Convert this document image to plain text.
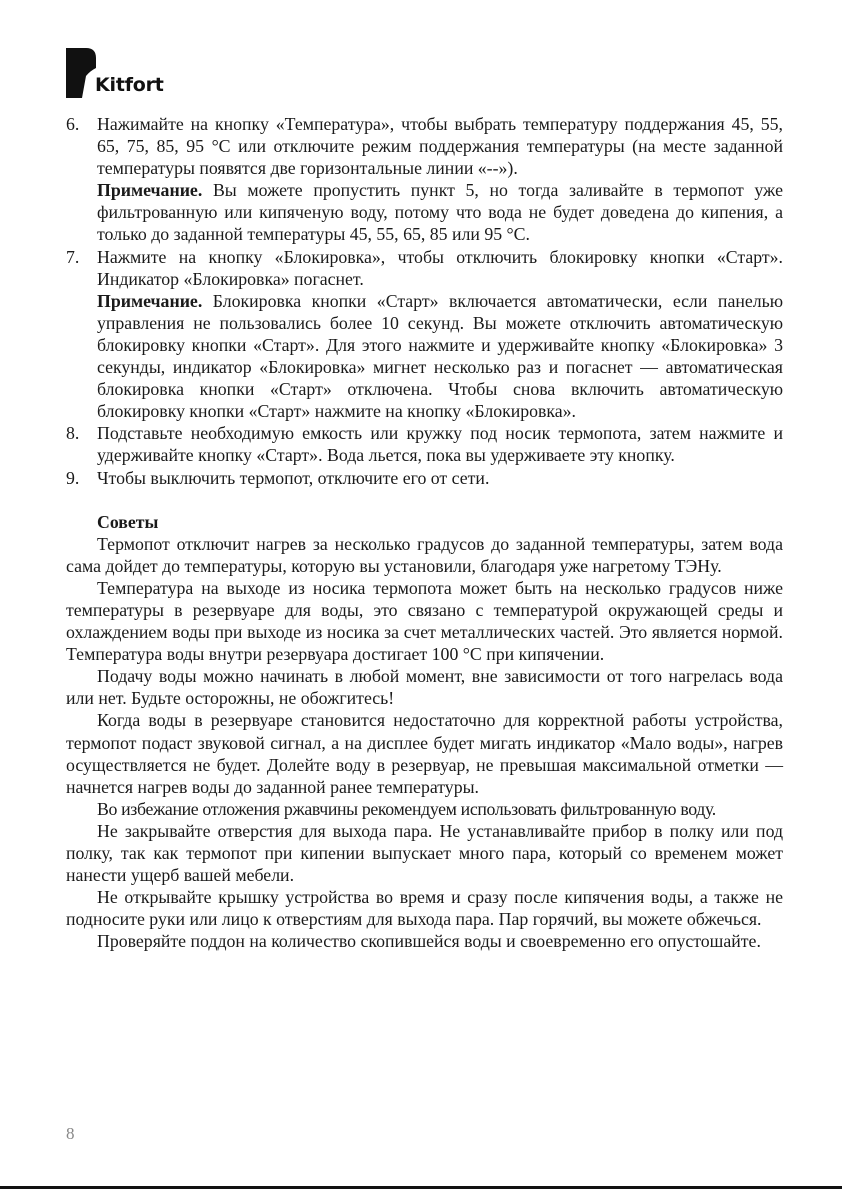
Kitfort
6. Нажимайте на кнопку «Температура», чтобы выбрать температуру поддержания 45, 55, 65, 75, 85, 95 °C или отключите режим поддержания температуры (на месте заданной температуры появятся две горизонтальные линии «--»).

Примечание. Вы можете пропустить пункт 5, но тогда заливайте в термопот уже фильтрованную или кипяченую воду, потому что вода не будет доведена до кипения, а только до заданной температуры 45, 55, 65, 85 или 95 °C.

7. Нажмите на кнопку «Блокировка», чтобы отключить блокировку кнопки «Старт». Индикатор «Блокировка» погаснет.

Примечание. Блокировка кнопки «Старт» включается автоматически, если панелью управления не пользовались более 10 секунд. Вы можете отключить автоматическую блокировку кнопки «Старт». Для этого нажмите и удерживайте кнопку «Блокировка» 3 секунды, индикатор «Блокировка» мигнет несколько раз и погаснет — автоматическая блокировка кнопки «Старт» отключена. Чтобы снова включить автоматическую блокировку кнопки «Старт» нажмите на кнопку «Блокировка».

8. Подставьте необходимую емкость или кружку под носик термопота, затем нажмите и удерживайте кнопку «Старт». Вода льется, пока вы удерживаете эту кнопку.

9. Чтобы выключить термопот, отключите его от сети.

Советы

Термопот отключит нагрев за несколько градусов до заданной температуры, затем вода сама дойдет до температуры, которую вы установили, благодаря уже нагретому ТЭНу.

Температура на выходе из носика термопота может быть на несколько градусов ниже температуры в резервуаре для воды, это связано с температурой окружающей среды и охлаждением воды при выходе из носика за счет металлических частей. Это является нормой. Температура воды внутри резервуара достигает 100 °C при кипячении.

Подачу воды можно начинать в любой момент, вне зависимости от того нагрелась вода или нет. Будьте осторожны, не обожгитесь!

Когда воды в резервуаре становится недостаточно для корректной работы устройства, термопот подаст звуковой сигнал, а на дисплее будет мигать индикатор «Мало воды», нагрев осуществляется не будет. Долейте воду в резервуар, не превышая максимальной отметки — начнется нагрев воды до заданной ранее температуры.

Во избежание отложения ржавчины рекомендуем использовать фильтрованную воду.

Не закрывайте отверстия для выхода пара. Не устанавливайте прибор в полку или под полку, так как термопот при кипении выпускает много пара, который со временем может нанести ущерб вашей мебели.

Не открывайте крышку устройства во время и сразу после кипячения воды, а также не подносите руки или лицо к отверстиям для выхода пара. Пар горячий, вы можете обжечься.

Проверяйте поддон на количество скопившейся воды и своевременно его опустошайте.

8
